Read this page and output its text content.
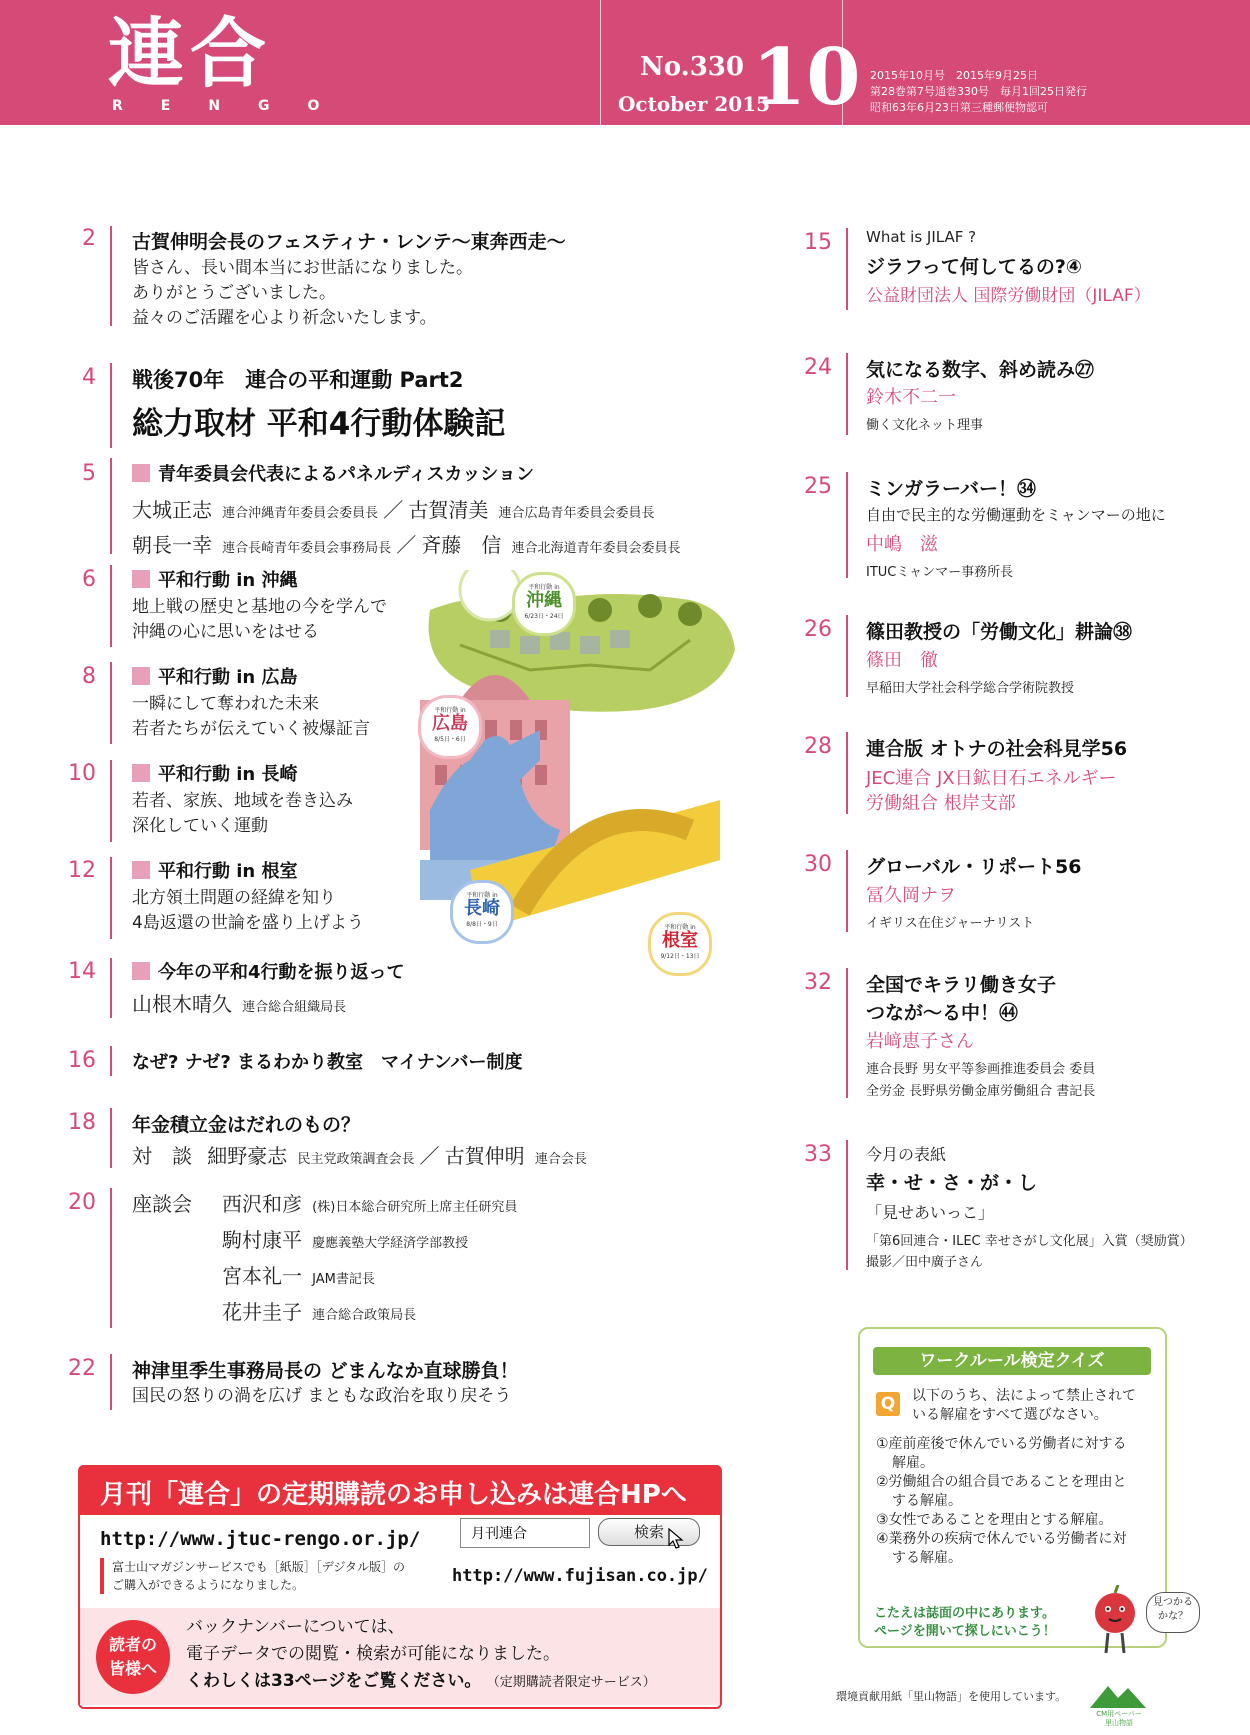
連合
RENGO
No.330
October 2015
10 2015年10月号　2015年9月25日
第28巻第7号通巻330号　毎月1回25日発行
昭和63年6月23日第三種郵便物認可
2 古賀伸明会長のフェスティナ・レンテ〜東奔西走〜
皆さん、長い間本当にお世話になりました。
ありがとうございました。
益々のご活躍を心より祈念いたします。
4 戦後70年　連合の平和運動 Part2
総力取材 平和4行動体験記
5	青年委員会代表によるパネルディスカッション
大城正志 連合沖縄青年委員会委員長 ／ 古賀清美 連合広島青年委員会委員長
朝長一幸 連合長崎青年委員会事務局長 ／ 斉藤　信 連合北海道青年委員会委員長
6	平和行動 in 沖縄
地上戦の歴史と基地の今を学んで
沖縄の心に思いをはせる
8	平和行動 in 広島
一瞬にして奪われた未来
若者たちが伝えていく被爆証言
10	平和行動 in 長崎
若者、家族、地域を巻き込み
深化していく運動
12	平和行動 in 根室
北方領土問題の経緯を知り
4島返還の世論を盛り上げよう
14	今年の平和4行動を振り返って
山根木晴久 連合総合組織局長
16 なぜ? ナゼ? まるわかり教室　マイナンバー制度
18 年金積立金はだれのもの？
対　談 細野豪志 民主党政策調査会長 ／ 古賀伸明 連合会長
20 座談会 西沢和彦 (株)日本総合研究所上席主任研究員
駒村康平 慶應義塾大学経済学部教授
宮本礼一 JAM書記長
花井圭子 連合総合政策局長
22 神津里季生事務局長の どまんなか直球勝負！
国民の怒りの渦を広げ まともな政治を取り戻そう
平和行動 in
沖縄
6/23日・24日
平和行動 in
広島
8/5日・6日
平和行動 in
長崎
8/8日・9日	平和行動 in
根室
9/12日・13日
15 What is JILAF ?
ジラフって何してるの?④
公益財団法人 国際労働財団（JILAF）
24 気になる数字、斜め読み㉗
鈴木不二一
働く文化ネット理事
25 ミンガラーバー！㉞
自由で民主的な労働運動をミャンマーの地に
中嶋　滋
ITUCミャンマー事務所長
26 篠田教授の「労働文化」耕論㊳
篠田　徹
早稲田大学社会科学総合学術院教授
28 連合版 オトナの社会科見学56
JEC連合 JX日鉱日石エネルギー
労働組合 根岸支部
30 グローバル・リポート56
冨久岡ナヲ
イギリス在住ジャーナリスト
32 全国でキラリ働き女子
つなが〜る中！㊹
岩﨑恵子さん
連合長野 男女平等参画推進委員会 委員
全労金 長野県労働金庫労働組合 書記長
33 今月の表紙
幸・せ・さ・が・し
「見せあいっこ」
「第6回連合・ILEC 幸せさがし文化展」入賞（奨励賞）
撮影／田中廣子さん
ワークルール検定クイズ
Q	以下のうち、法によって禁止されて
いる解雇をすべて選びなさい。
①産前産後で休んでいる労働者に対する
解雇。
②労働組合の組合員であることを理由と
する解雇。
③女性であることを理由とする解雇。
④業務外の疾病で休んでいる労働者に対
する解雇。
こたえは誌面の中にあります。
ページを開いて探しにいこう！
見つかる
かな？
月刊「連合」の定期購読のお申し込みは連合HPへ
http://www.jtuc-rengo.or.jp/
月刊連合	検索
富士山マガジンサービスでも［紙版］［デジタル版］の
ご購入ができるようになりました。	http://www.fujisan.co.jp/
読者の
皆様へ
バックナンバーについては、
電子データでの閲覧・検索が可能になりました。
くわしくは33ページをご覧ください。 （定期購読者限定サービス）
環境貢献用紙「里山物語」を使用しています。
CM用ペーパー
里山物語
